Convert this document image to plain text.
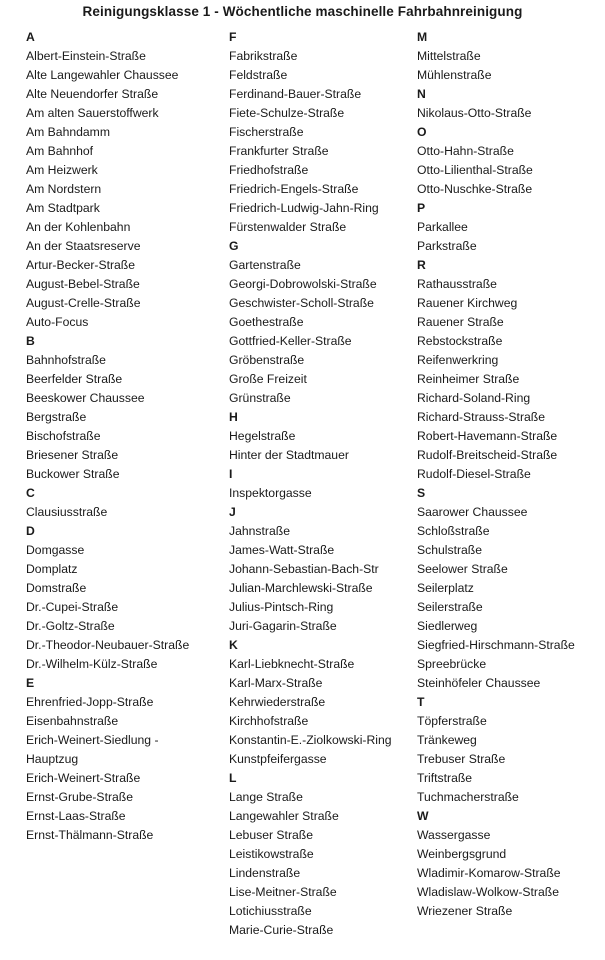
Reinigungsklasse 1 - Wöchentliche maschinelle Fahrbahnreinigung
A
Albert-Einstein-Straße
Alte Langewahler Chaussee
Alte Neuendorfer Straße
Am alten Sauerstoffwerk
Am Bahndamm
Am Bahnhof
Am Heizwerk
Am Nordstern
Am Stadtpark
An der Kohlenbahn
An der Staatsreserve
Artur-Becker-Straße
August-Bebel-Straße
August-Crelle-Straße
Auto-Focus
B
Bahnhofstraße
Beerfelder Straße
Beeskower Chaussee
Bergstraße
Bischofstraße
Briesener Straße
Buckower Straße
C
Clausiusstraße
D
Domgasse
Domplatz
Domstraße
Dr.-Cupei-Straße
Dr.-Goltz-Straße
Dr.-Theodor-Neubauer-Straße
Dr.-Wilhelm-Külz-Straße
E
Ehrenfried-Jopp-Straße
Eisenbahnstraße
Erich-Weinert-Siedlung -
Hauptzug
Erich-Weinert-Straße
Ernst-Grube-Straße
Ernst-Laas-Straße
Ernst-Thälmann-Straße
F
Fabrikstraße
Feldstraße
Ferdinand-Bauer-Straße
Fiete-Schulze-Straße
Fischerstraße
Frankfurter Straße
Friedhofstraße
Friedrich-Engels-Straße
Friedrich-Ludwig-Jahn-Ring
Fürstenwalder Straße
G
Gartenstraße
Georgi-Dobrowolski-Straße
Geschwister-Scholl-Straße
Goethestraße
Gottfried-Keller-Straße
Gröbenstraße
Große Freizeit
Grünstraße
H
Hegelstraße
Hinter der Stadtmauer
I
Inspektorgasse
J
Jahnstraße
James-Watt-Straße
Johann-Sebastian-Bach-Str
Julian-Marchlewski-Straße
Julius-Pintsch-Ring
Juri-Gagarin-Straße
K
Karl-Liebknecht-Straße
Karl-Marx-Straße
Kehrwiederstraße
Kirchhofstraße
Konstantin-E.-Ziolkowski-Ring
Kunstpfeifergasse
L
Lange Straße
Langewahler Straße
Lebuser Straße
Leistikowstraße
Lindenstraße
Lise-Meitner-Straße
Lotichiusstraße
Marie-Curie-Straße
M
Mittelstraße
Mühlenstraße
N
Nikolaus-Otto-Straße
O
Otto-Hahn-Straße
Otto-Lilienthal-Straße
Otto-Nuschke-Straße
P
Parkallee
Parkstraße
R
Rathausstraße
Rauener Kirchweg
Rauener Straße
Rebstockstraße
Reifenwerkring
Reinheimer Straße
Richard-Soland-Ring
Richard-Strauss-Straße
Robert-Havemann-Straße
Rudolf-Breitscheid-Straße
Rudolf-Diesel-Straße
S
Saarower Chaussee
Schloßstraße
Schulstraße
Seelower Straße
Seilerplatz
Seilerstraße
Siedlerweg
Siegfried-Hirschmann-Straße
Spreebrücke
Steinhöfeler Chaussee
T
Töpferstraße
Tränkeweg
Trebuser Straße
Triftstraße
Tuchmacherstraße
W
Wassergasse
Weinbergsgrund
Wladimir-Komarow-Straße
Wladislaw-Wolkow-Straße
Wriezener Straße
